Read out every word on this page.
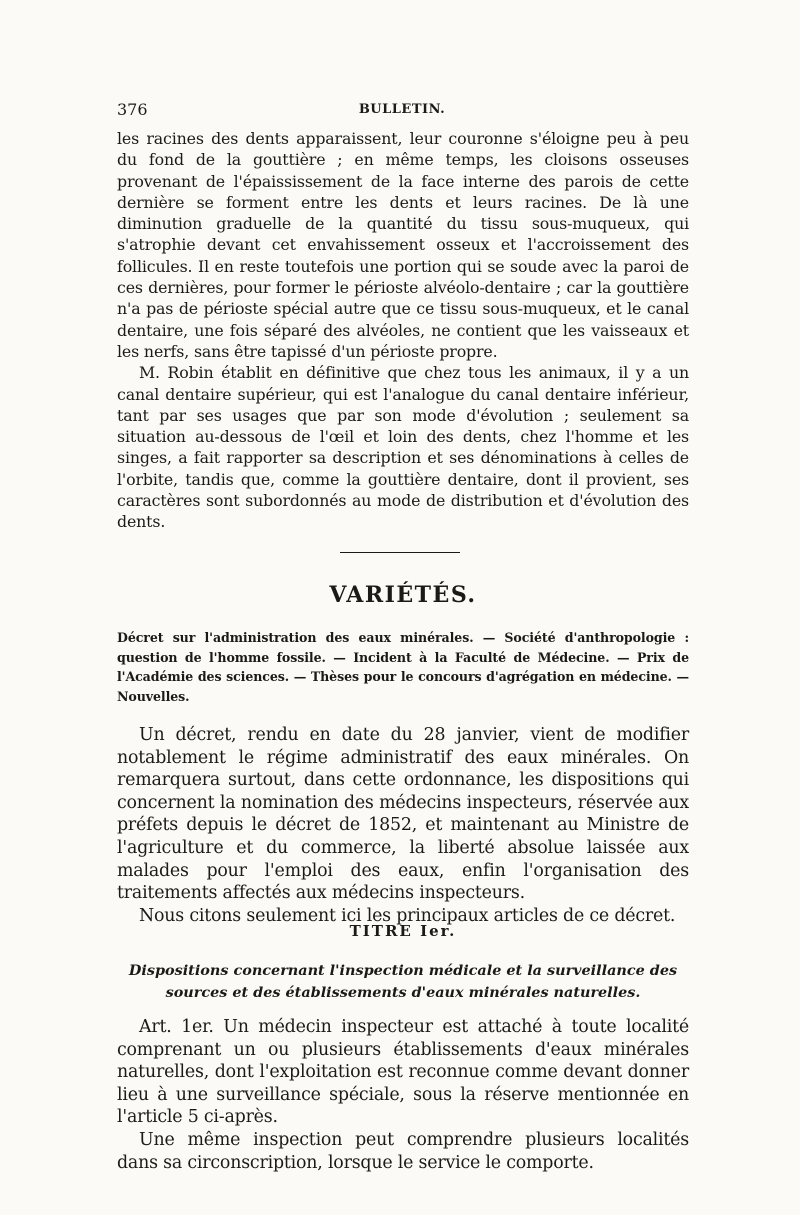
376	BULLETIN.

les racines des dents apparaissent, leur couronne s'éloigne peu à peu du fond de la gouttière ; en même temps, les cloisons osseuses provenant de l'épaississement de la face interne des parois de cette dernière se forment entre les dents et leurs racines. De là une diminution graduelle de la quantité du tissu sous-muqueux, qui s'atrophie devant cet envahissement osseux et l'accroissement des follicules. Il en reste toutefois une portion qui se soude avec la paroi de ces dernières, pour former le périoste alvéolo-dentaire ; car la gouttière n'a pas de périoste spécial autre que ce tissu sous-muqueux, et le canal dentaire, une fois séparé des alvéoles, ne contient que les vaisseaux et les nerfs, sans être tapissé d'un périoste propre.

M. Robin établit en définitive que chez tous les animaux, il y a un canal dentaire supérieur, qui est l'analogue du canal dentaire inférieur, tant par ses usages que par son mode d'évolution ; seulement sa situation au-dessous de l'œil et loin des dents, chez l'homme et les singes, a fait rapporter sa description et ses dénominations à celles de l'orbite, tandis que, comme la gouttière dentaire, dont il provient, ses caractères sont subordonnés au mode de distribution et d'évolution des dents.

VARIÉTÉS.

Décret sur l'administration des eaux minérales. — Société d'anthropologie : question de l'homme fossile. — Incident à la Faculté de Médecine. — Prix de l'Académie des sciences. — Thèses pour le concours d'agrégation en médecine. — Nouvelles.

Un décret, rendu en date du 28 janvier, vient de modifier notablement le régime administratif des eaux minérales. On remarquera surtout, dans cette ordonnance, les dispositions qui concernent la nomination des médecins inspecteurs, réservée aux préfets depuis le décret de 1852, et maintenant au Ministre de l'agriculture et du commerce, la liberté absolue laissée aux malades pour l'emploi des eaux, enfin l'organisation des traitements affectés aux médecins inspecteurs.

Nous citons seulement ici les principaux articles de ce décret.

TITRE Ier.
Dispositions concernant l'inspection médicale et la surveillance des sources et des établissements d'eaux minérales naturelles.

Art. 1er. Un médecin inspecteur est attaché à toute localité comprenant un ou plusieurs établissements d'eaux minérales naturelles, dont l'exploitation est reconnue comme devant donner lieu à une surveillance spéciale, sous la réserve mentionnée en l'article 5 ci-après.

Une même inspection peut comprendre plusieurs localités dans sa circonscription, lorsque le service le comporte.
